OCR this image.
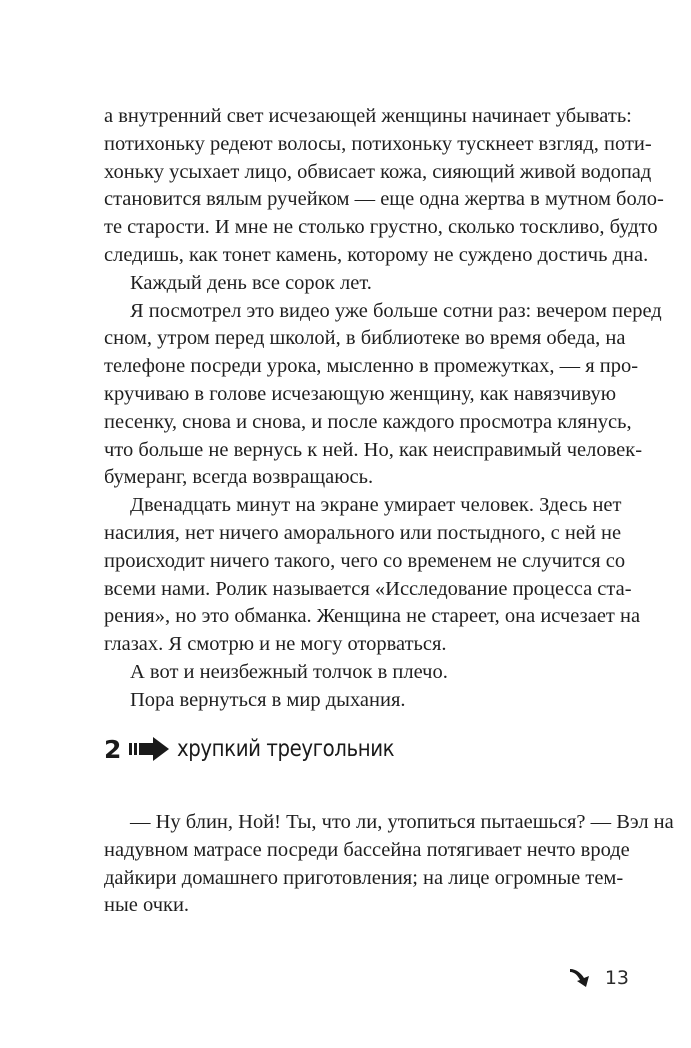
а внутренний свет исчезающей женщины начинает убывать:
потихоньку редеют волосы, потихоньку тускнеет взгляд, поти-
хоньку усыхает лицо, обвисает кожа, сияющий живой водопад
становится вялым ручейком — еще одна жертва в мутном боло-
те старости. И мне не столько грустно, сколько тоскливо, будто
следишь, как тонет камень, которому не суждено достичь дна.
Каждый день все сорок лет.
Я посмотрел это видео уже больше сотни раз: вечером перед
сном, утром перед школой, в библиотеке во время обеда, на
телефоне посреди урока, мысленно в промежутках, — я про-
кручиваю в голове исчезающую женщину, как навязчивую
песенку, снова и снова, и после каждого просмотра клянусь,
что больше не вернусь к ней. Но, как неисправимый человек-
бумеранг, всегда возвращаюсь.
Двенадцать минут на экране умирает человек. Здесь нет
насилия, нет ничего аморального или постыдного, с ней не
происходит ничего такого, чего со временем не случится со
всеми нами. Ролик называется «Исследование процесса ста-
рения», но это обманка. Женщина не стареет, она исчезает на
глазах. Я смотрю и не могу оторваться.
А вот и неизбежный толчок в плечо.
Пора вернуться в мир дыхания.
2 хрупкий треугольник
— Ну блин, Ной! Ты, что ли, утопиться пытаешься? — Вэл на
надувном матрасе посреди бассейна потягивает нечто вроде
дайкири домашнего приготовления; на лице огромные тем-
ные очки.
13
